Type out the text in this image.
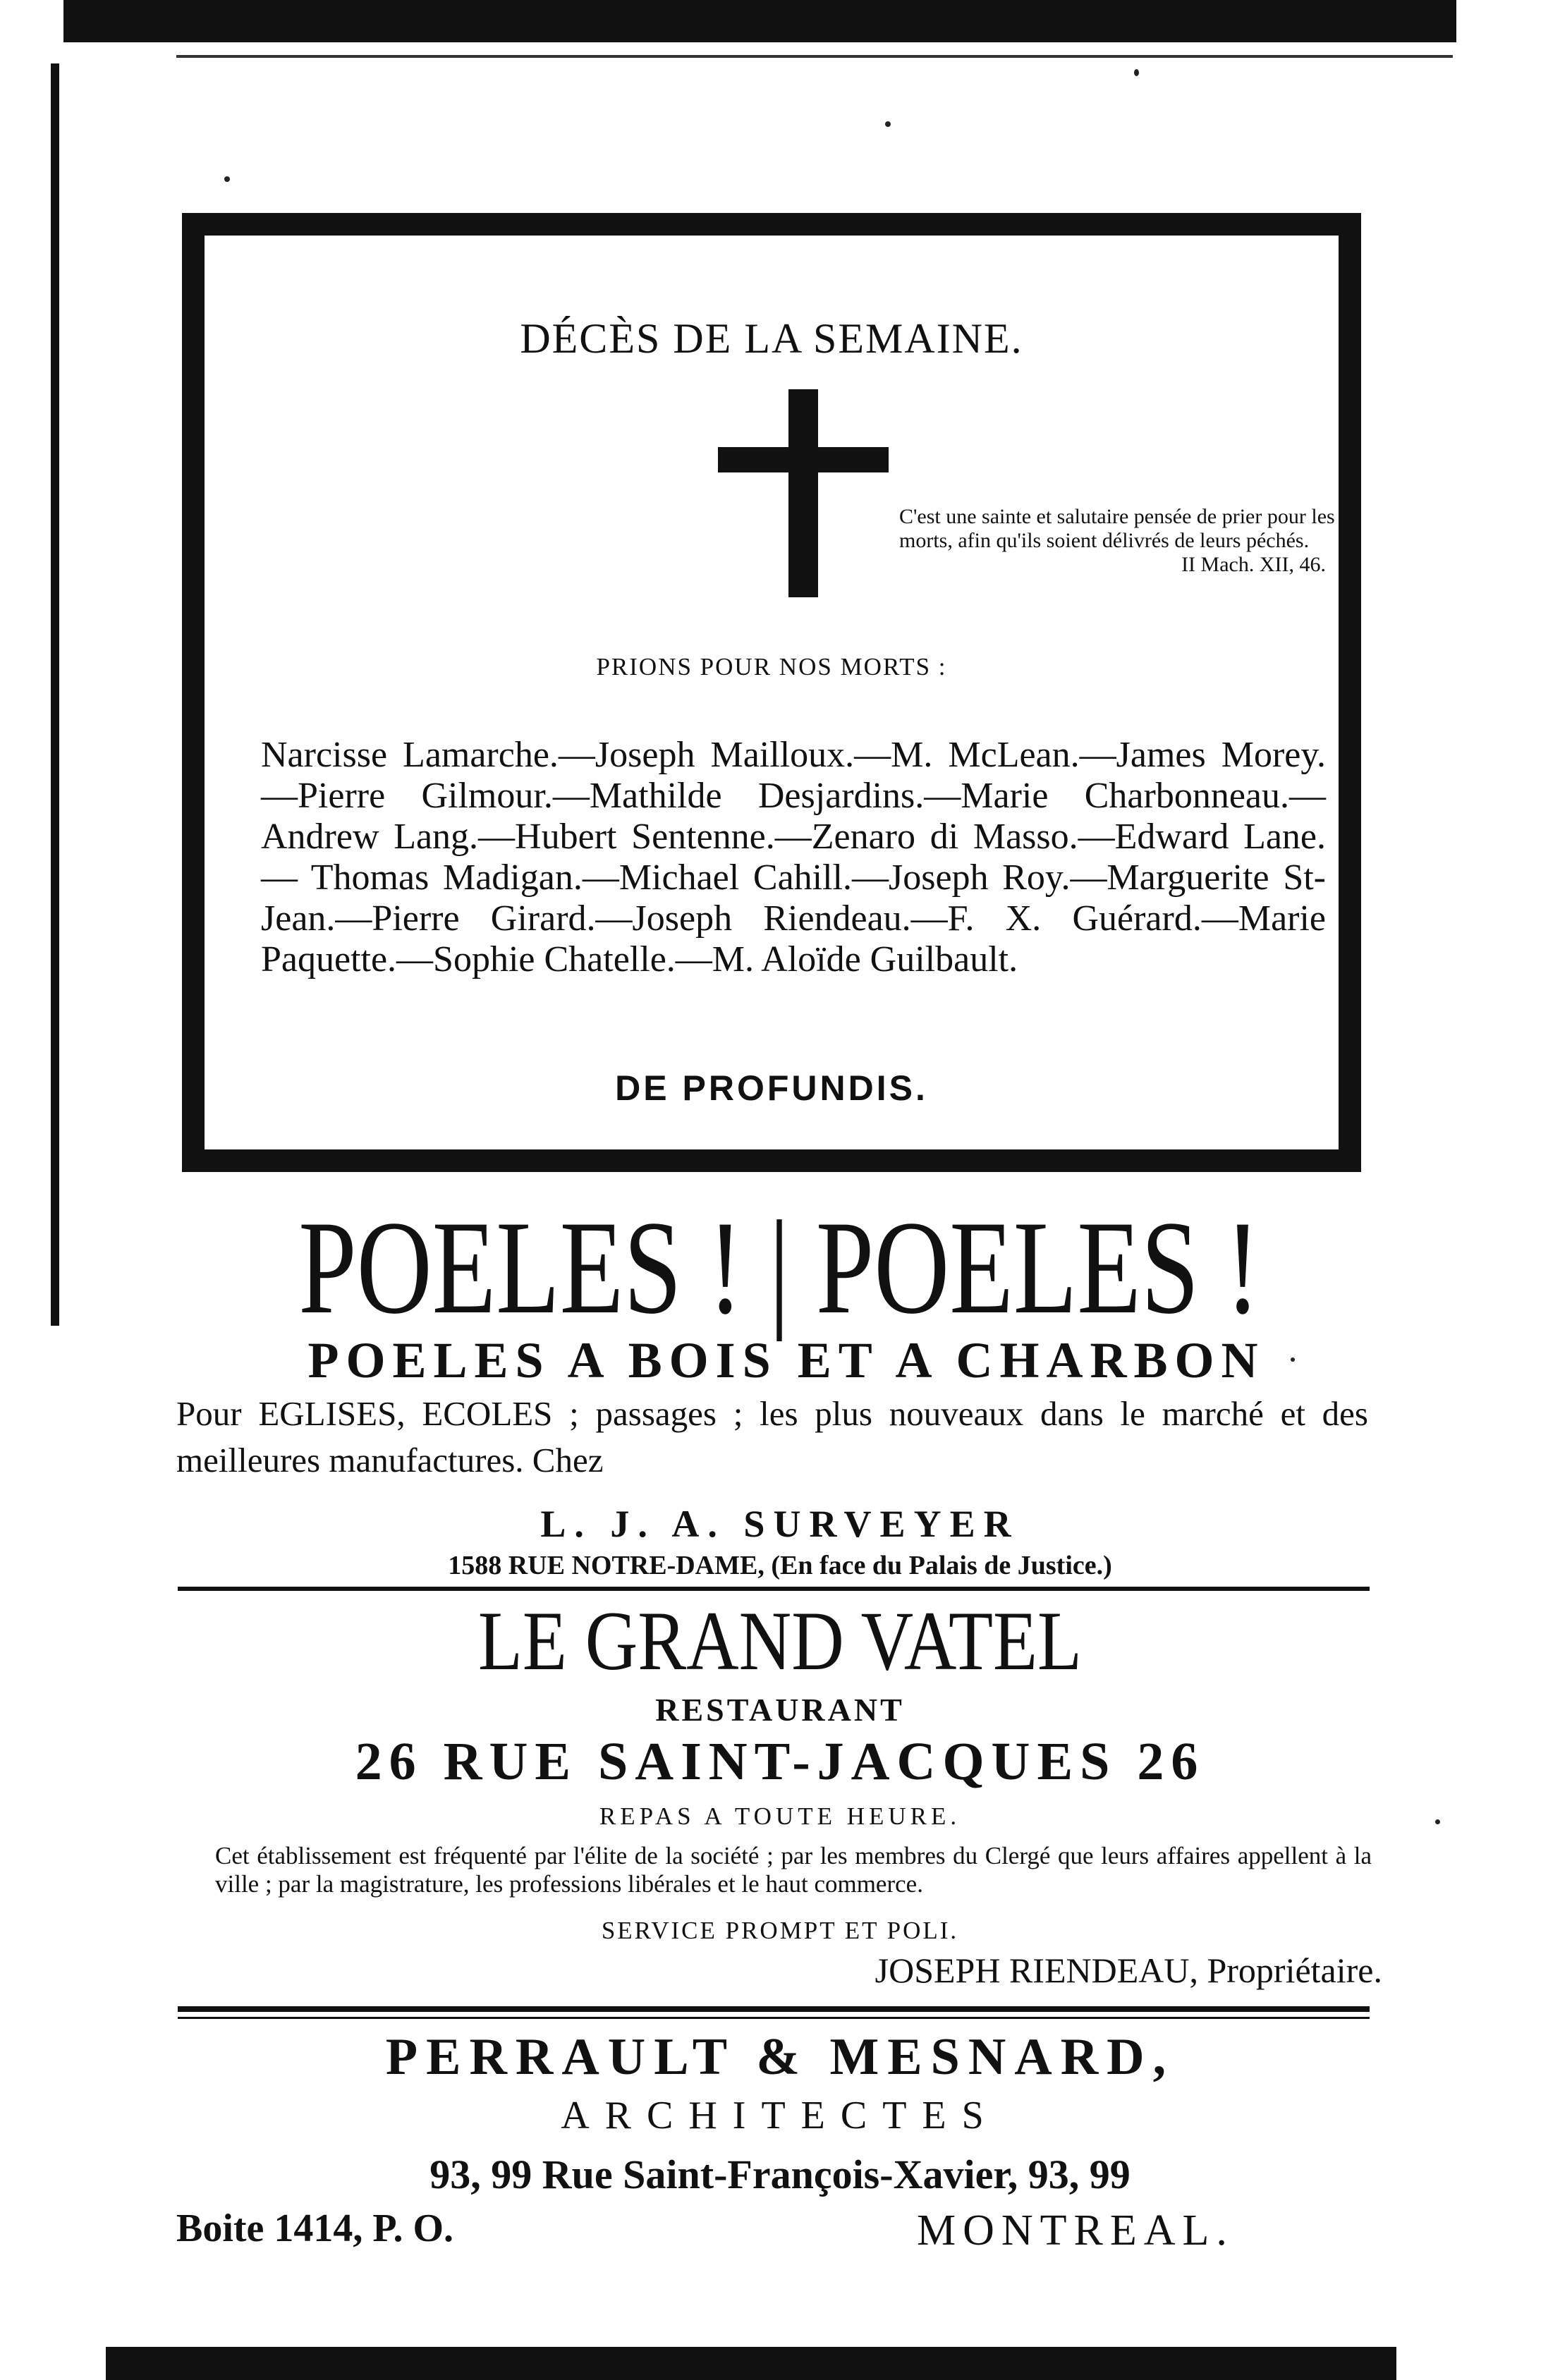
DÉCÈS DE LA SEMAINE.
C'est une sainte et salutaire pensée de prier pour les morts, afin qu'ils soient délivrés de leurs péchés.
II Mach. XII, 46.
PRIONS POUR NOS MORTS :
Narcisse Lamarche.—Joseph Mailloux.—M. McLean.—James Morey.—Pierre Gilmour.—Mathilde Desjardins.—Marie Charbonneau.—Andrew Lang.—Hubert Sentenne.—Zenaro di Masso.—Edward Lane.— Thomas Madigan.—Michael Cahill.—Joseph Roy.—Marguerite St-Jean.—Pierre Girard.—Joseph Riendeau.—F. X. Guérard.—Marie Paquette.—Sophie Chatelle.—M. Aloïde Guilbault.
DE PROFUNDIS.
POELES ! | POELES !
POELES A BOIS ET A CHARBON
Pour EGLISES, ECOLES ; passages ; les plus nouveaux dans le marché et des meilleures manufactures. Chez
L. J. A. SURVEYER
1588 RUE NOTRE-DAME, (En face du Palais de Justice.)
LE GRAND VATEL
RESTAURANT
26 RUE SAINT-JACQUES 26
REPAS A TOUTE HEURE.
Cet établissement est fréquenté par l'élite de la société ; par les membres du Clergé que leurs affaires appellent à la ville ; par la magistrature, les professions libérales et le haut commerce.
SERVICE PROMPT ET POLI.
JOSEPH RIENDEAU, Propriétaire.
PERRAULT & MESNARD,
ARCHITECTES
93, 99 Rue Saint-François-Xavier, 93, 99
Boite 1414, P. O.	MONTREAL.
